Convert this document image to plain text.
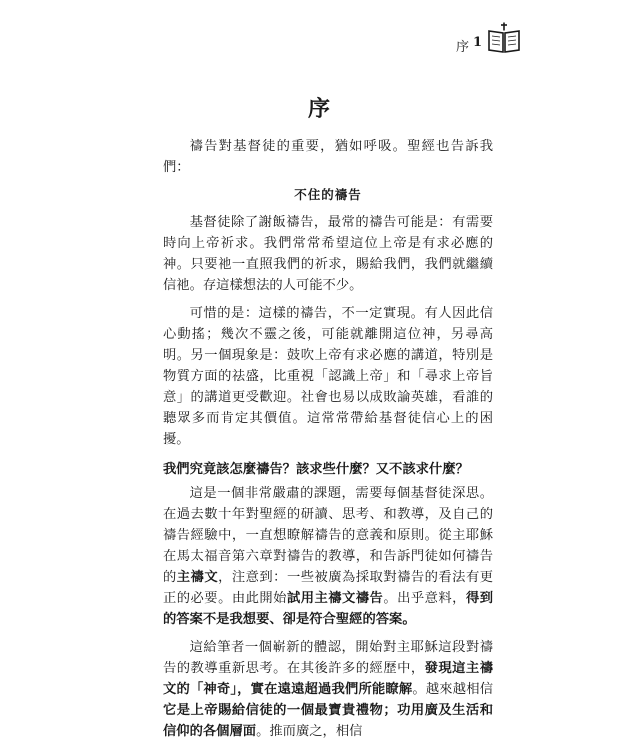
序 1
序

禱告對基督徒的重要，猶如呼吸。聖經也告訴我們：

不住的禱告

基督徒除了謝飯禱告，最常的禱告可能是：有需要時向上帝祈求。我們常常希望這位上帝是有求必應的神。只要祂一直照我們的祈求，賜給我們，我們就繼續信祂。存這樣想法的人可能不少。

可惜的是：這樣的禱告，不一定實現。有人因此信心動搖；幾次不靈之後，可能就離開這位神，另尋高明。另一個現象是：鼓吹上帝有求必應的講道，特別是物質方面的祛盛，比重視「認識上帝」和「尋求上帝旨意」的講道更受歡迎。社會也易以成敗論英雄，看誰的聽眾多而肯定其價值。這常常帶給基督徒信心上的困擾。

我們究竟該怎麼禱告？該求些什麼？又不該求什麼？

這是一個非常嚴肅的課題，需要每個基督徒深思。在過去數十年對聖經的研讀、思考、和教導，及自己的禱告經驗中，一直想瞭解禱告的意義和原則。從主耶穌在馬太福音第六章對禱告的教導，和告訴門徒如何禱告的主禱文，注意到：一些被廣為採取對禱告的看法有更正的必要。由此開始試用主禱文禱告。出乎意料，得到的答案不是我想要、卻是符合聖經的答案。

這給筆者一個嶄新的體認，開始對主耶穌這段對禱告的教導重新思考。在其後許多的經歷中，發現這主禱文的「神奇」，實在遠遠超過我們所能瞭解。越來越相信它是上帝賜給信徒的一個最寶貴禮物；功用廣及生活和信仰的各個層面。推而廣之，相信
